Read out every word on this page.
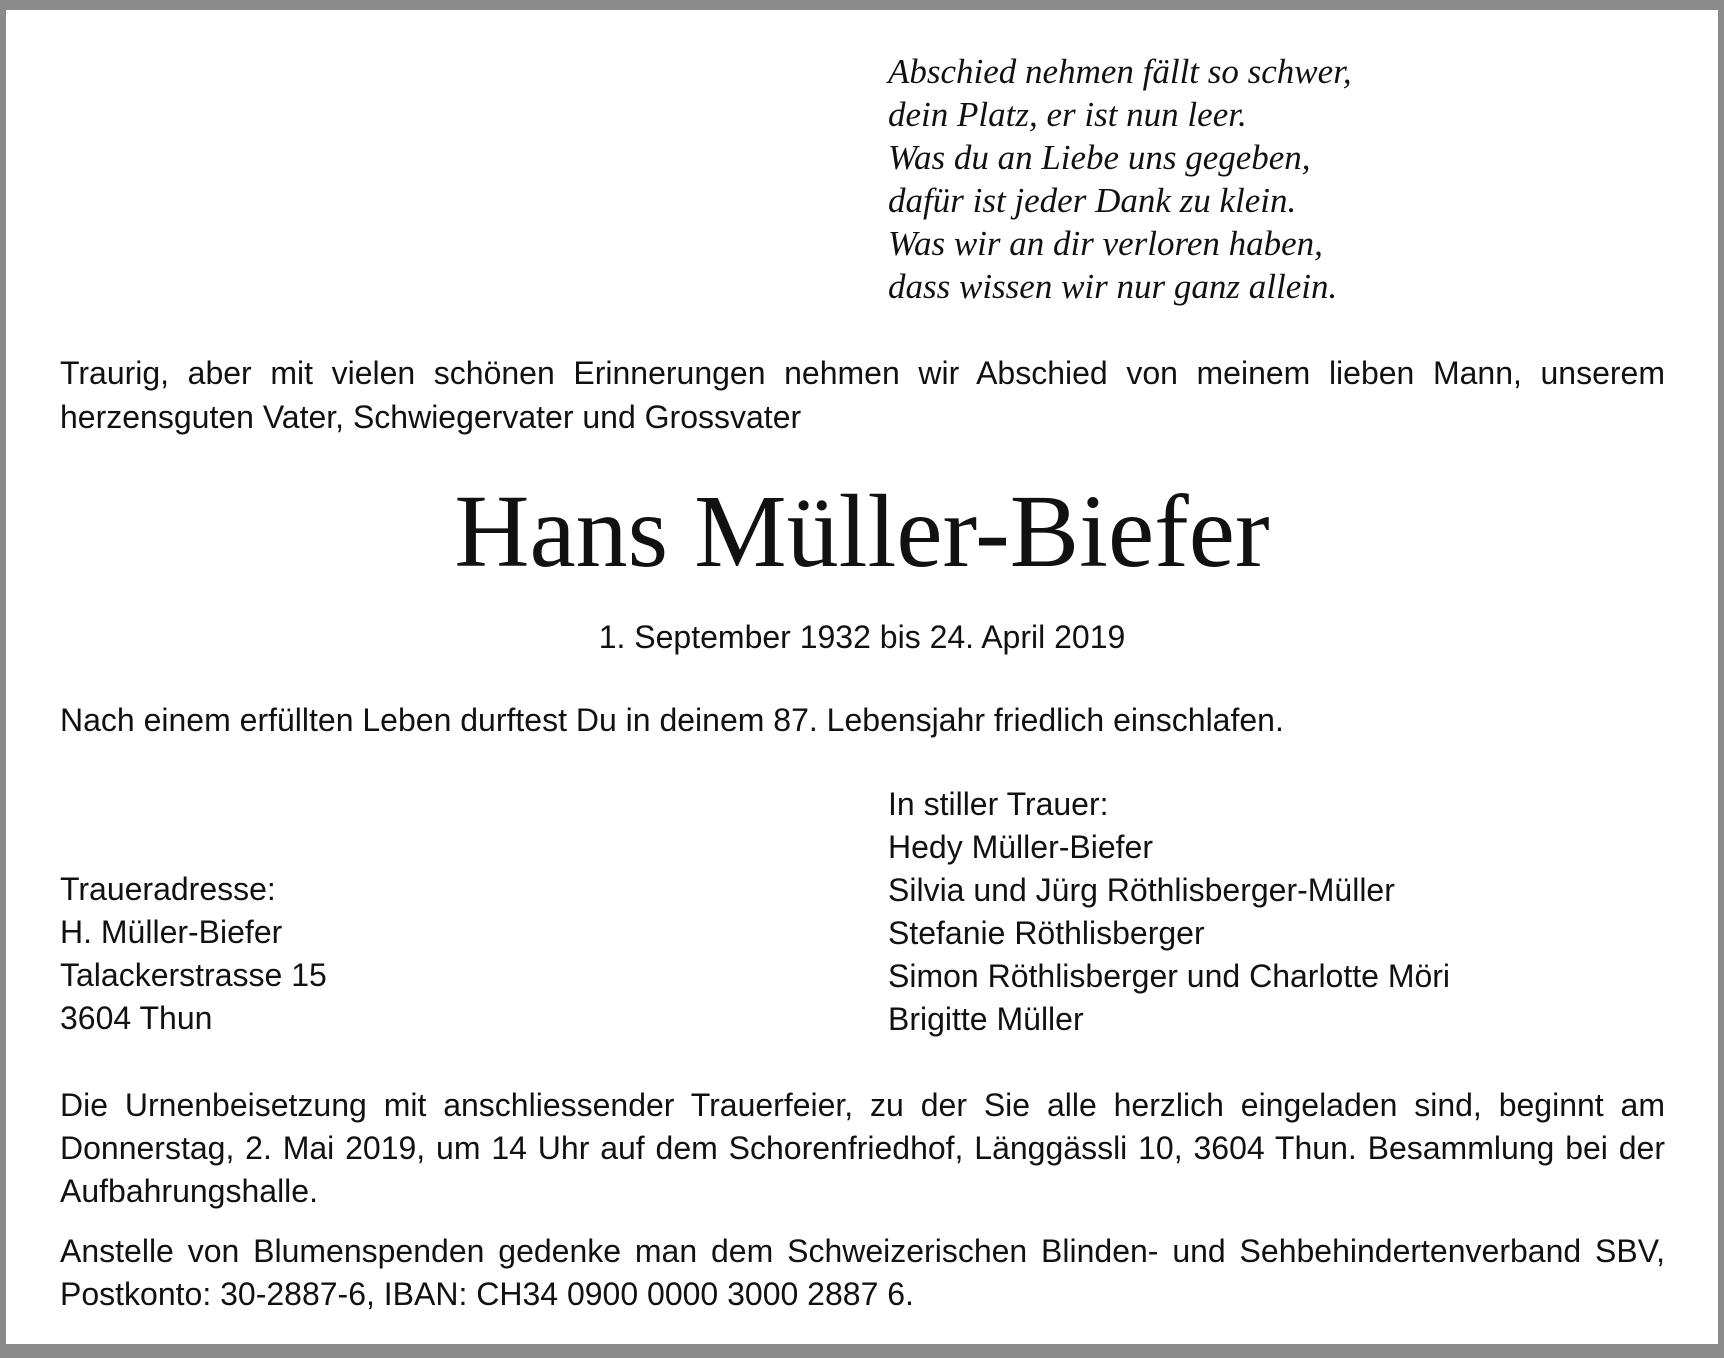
Abschied nehmen fällt so schwer,
dein Platz, er ist nun leer.
Was du an Liebe uns gegeben,
dafür ist jeder Dank zu klein.
Was wir an dir verloren haben,
dass wissen wir nur ganz allein.

Traurig, aber mit vielen schönen Erinnerungen nehmen wir Abschied von meinem lieben Mann, unserem herzensguten Vater, Schwiegervater und Grossvater

Hans Müller-Biefer

1. September 1932 bis 24. April 2019

Nach einem erfüllten Leben durftest Du in deinem 87. Lebensjahr friedlich einschlafen.

Traueradresse:
H. Müller-Biefer
Talackerstrasse 15
3604 Thun
In stiller Trauer:
Hedy Müller-Biefer
Silvia und Jürg Röthlisberger-Müller
Stefanie Röthlisberger
Simon Röthlisberger und Charlotte Möri
Brigitte Müller

Die Urnenbeisetzung mit anschliessender Trauerfeier, zu der Sie alle herzlich eingeladen sind, beginnt am Donnerstag, 2. Mai 2019, um 14 Uhr auf dem Schorenfriedhof, Länggässli 10, 3604 Thun. Besammlung bei der Aufbahrungshalle.

Anstelle von Blumenspenden gedenke man dem Schweizerischen Blinden- und Sehbehindertenverband SBV, Postkonto: 30-2887-6, IBAN: CH34 0900 0000 3000 2887 6.
